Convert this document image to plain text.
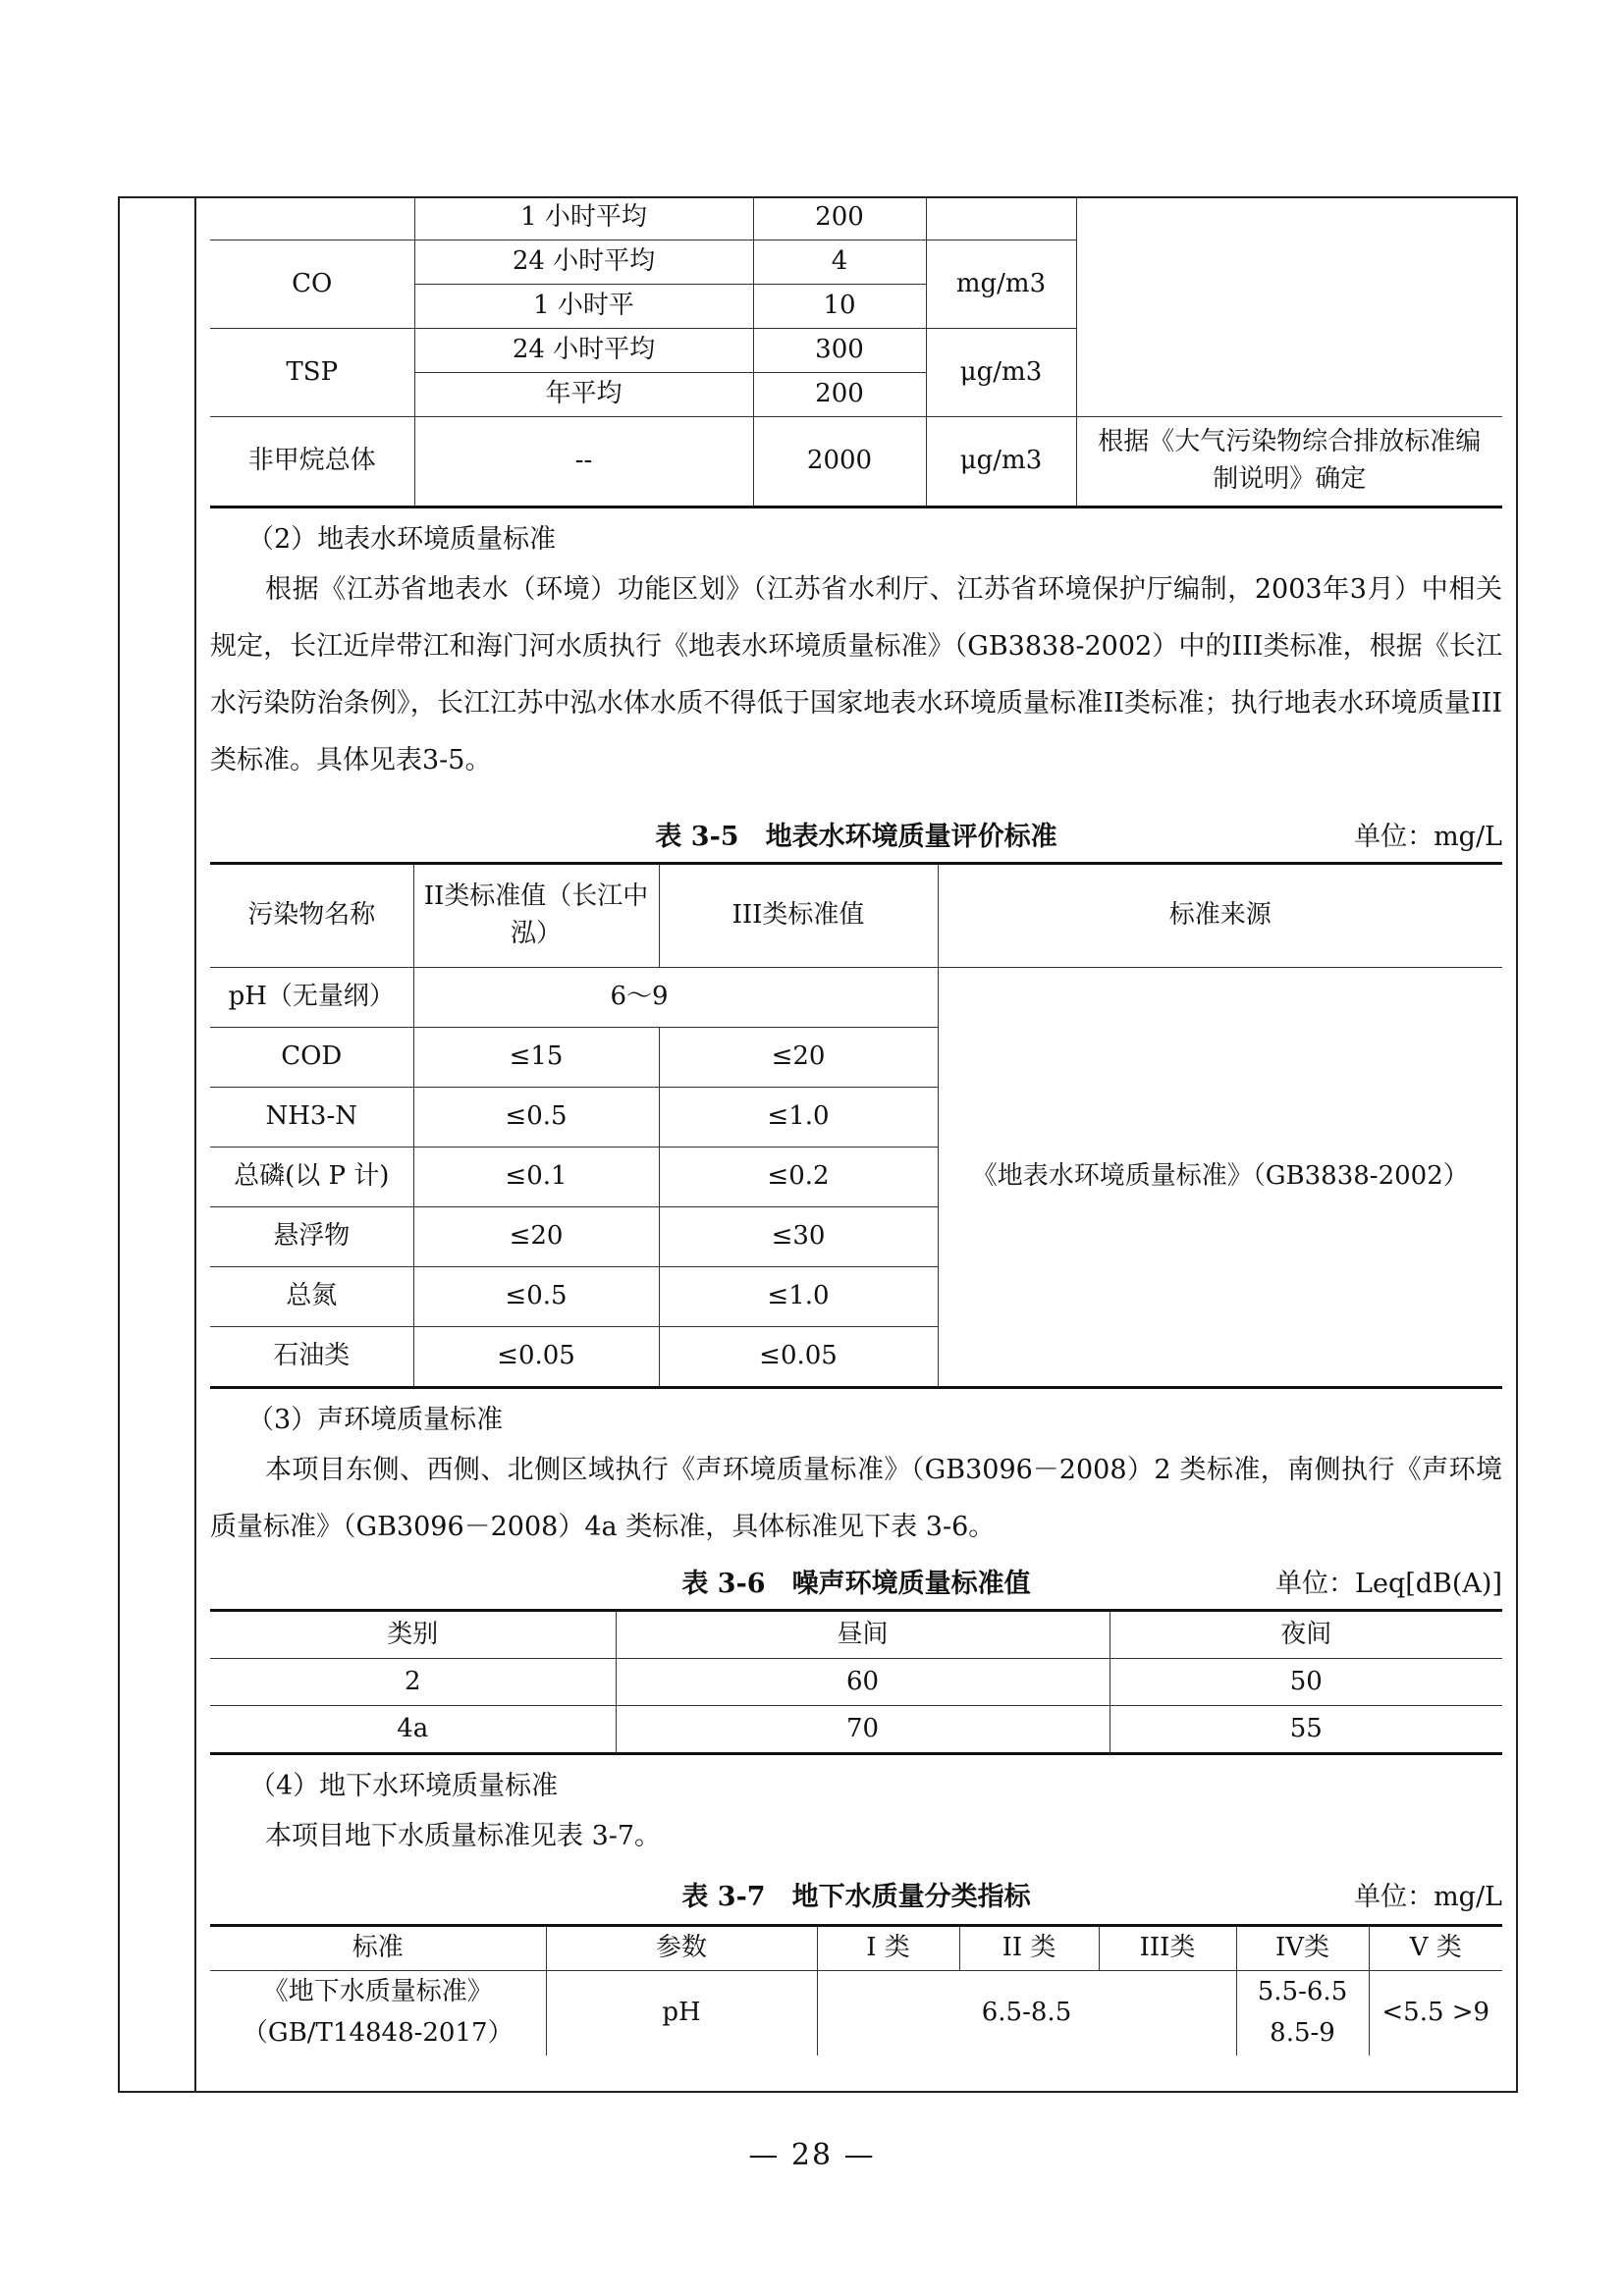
	1 小时平均	200		
CO	24 小时平均	4	mg/m3	
	1 小时平	10		
TSP	24 小时平均	300	μg/m3	
	年平均	200		
非甲烷总体	--	2000	μg/m3	根据《大气污染物综合排放标准编制说明》确定
（2）地表水环境质量标准

根据《江苏省地表水（环境）功能区划》（江苏省水利厅、江苏省环境保护厅编制，2003年3月）中相关规定，长江近岸带江和海门河水质执行《地表水环境质量标准》（GB3838-2002）中的III类标准，根据《长江水污染防治条例》，长江江苏中泓水体水质不得低于国家地表水环境质量标准II类标准；执行地表水环境质量III类标准。具体见表3-5。

表 3-5　地表水环境质量评价标准	单位：mg/L
污染物名称	II类标准值（长江中泓）	III类标准值	标准来源
pH（无量纲）	6～9		《地表水环境质量标准》（GB3838-2002）
COD	≤15	≤20	
NH3-N	≤0.5	≤1.0	
总磷(以 P 计)	≤0.1	≤0.2	
悬浮物	≤20	≤30	
总氮	≤0.5	≤1.0	
石油类	≤0.05	≤0.05	
（3）声环境质量标准

本项目东侧、西侧、北侧区域执行《声环境质量标准》（GB3096－2008）2 类标准，南侧执行《声环境质量标准》（GB3096－2008）4a 类标准，具体标准见下表 3-6。

表 3-6　噪声环境质量标准值	单位：Leq[dB(A)]
类别	昼间	夜间
2	60	50
4a	70	55
（4）地下水环境质量标准

本项目地下水质量标准见表 3-7。

表 3-7　地下水质量分类指标	单位：mg/L
标准	参数	I 类	II 类	III类	IV类	V 类
《地下水质量标准》（GB/T14848-2017）	pH	6.5-8.5			5.5-6.5 8.5-9	<5.5 >9
— 28 —
